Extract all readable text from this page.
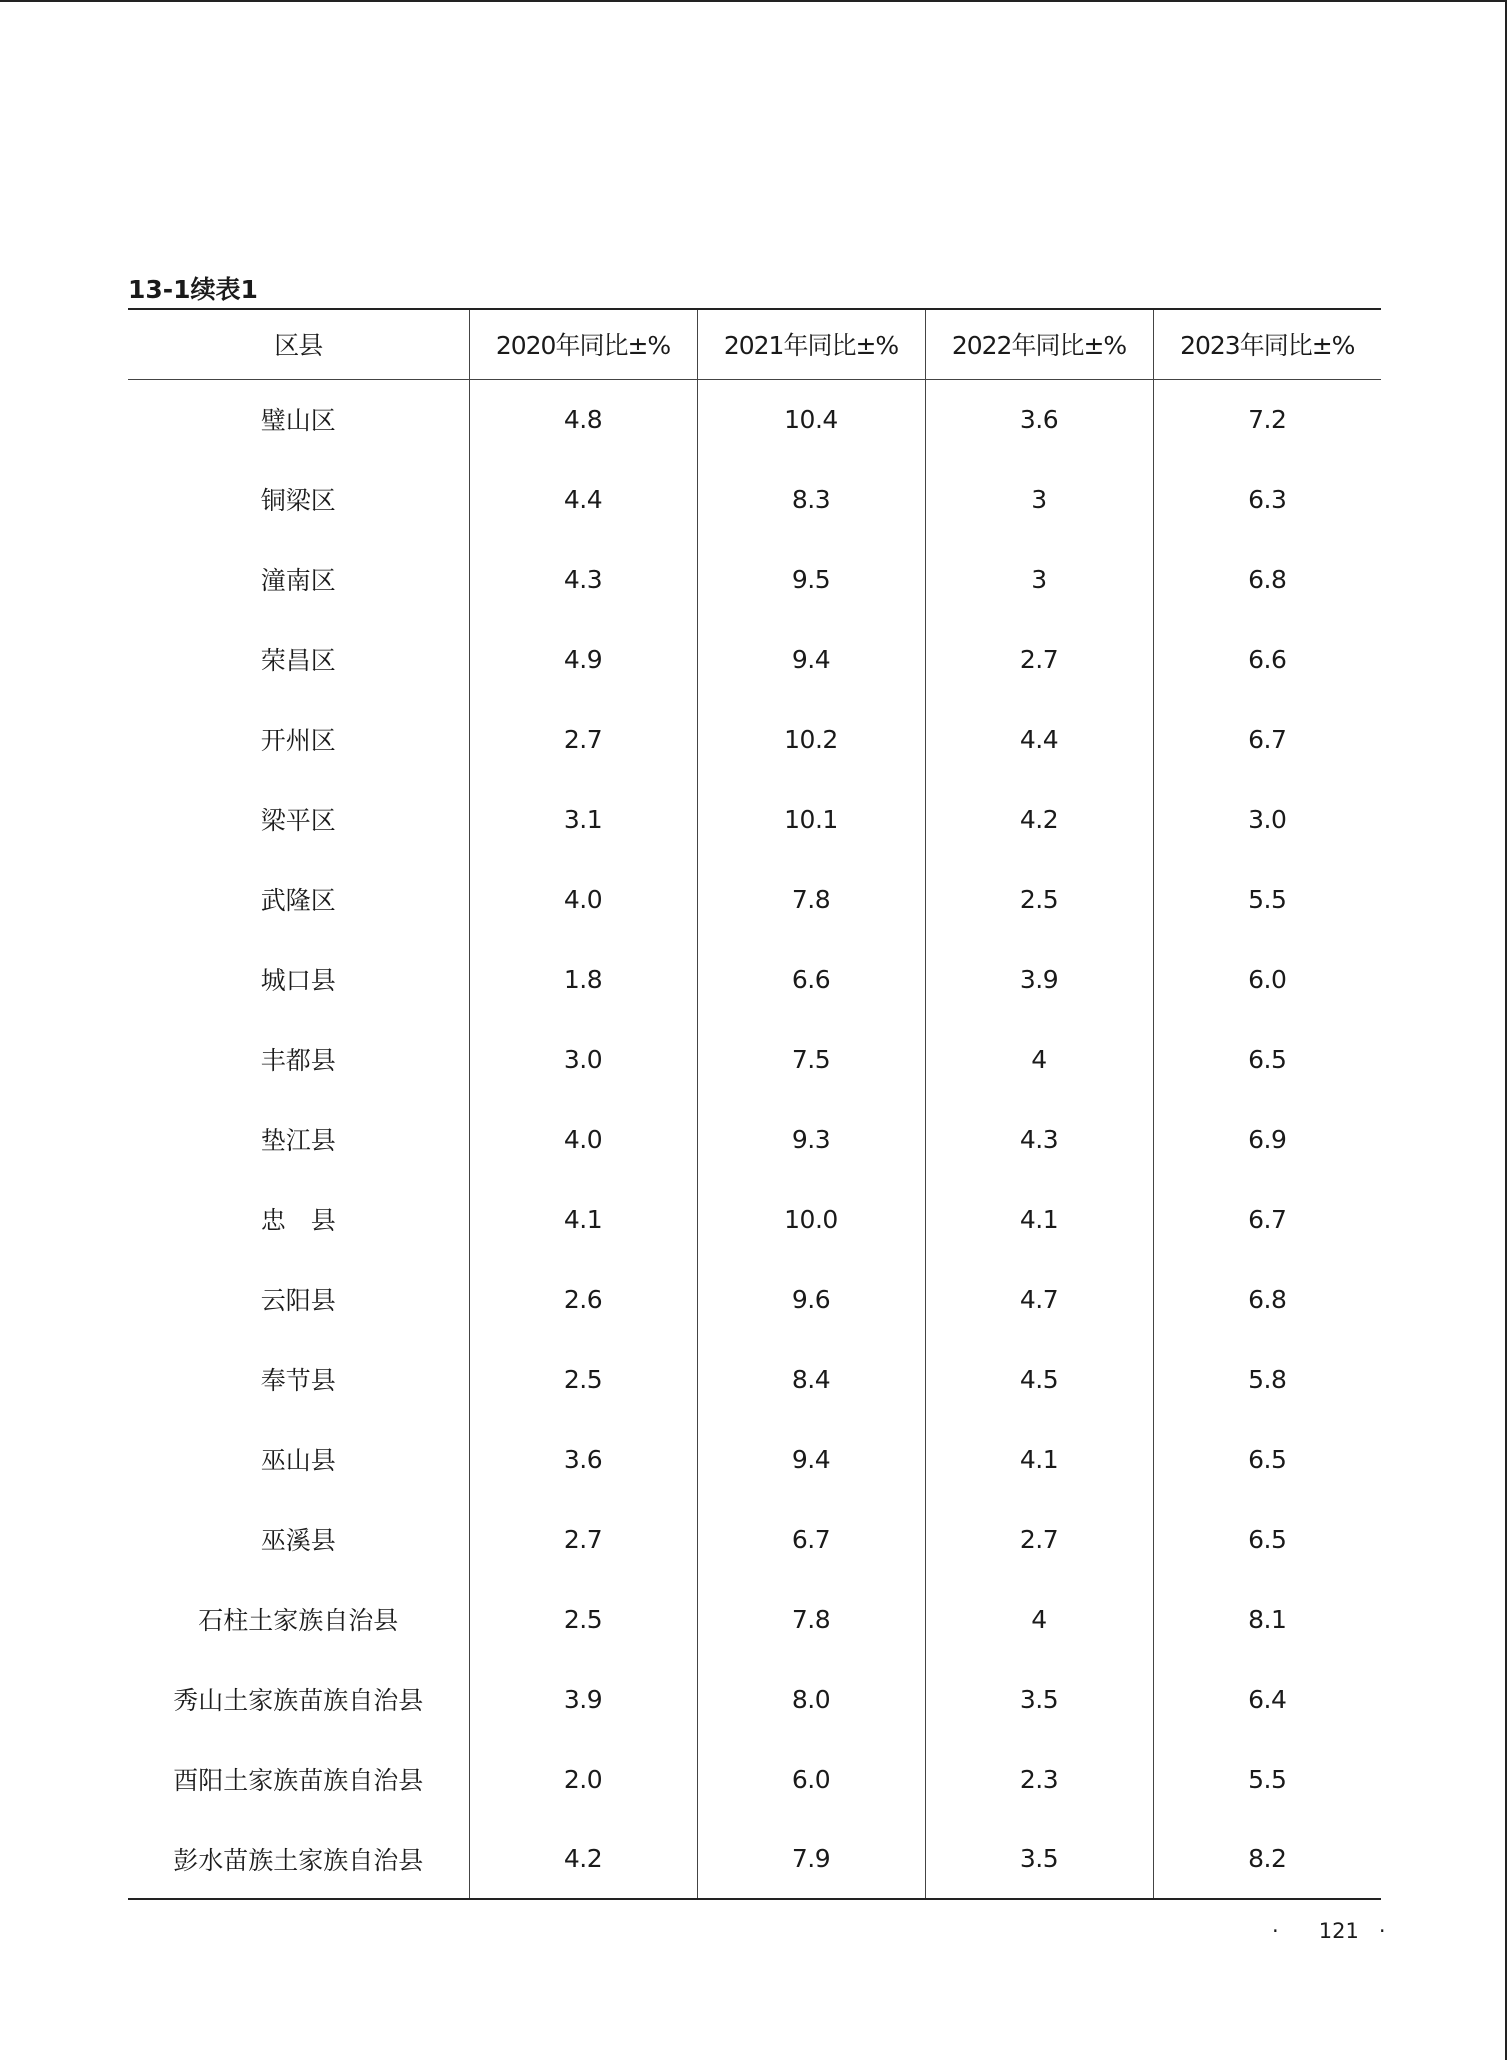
13-1续表1
区县	2020年同比±%	2021年同比±%	2022年同比±%	2023年同比±%
璧山区	4.8	10.4	3.6	7.2
铜梁区	4.4	8.3	3	6.3
潼南区	4.3	9.5	3	6.8
荣昌区	4.9	9.4	2.7	6.6
开州区	2.7	10.2	4.4	6.7
梁平区	3.1	10.1	4.2	3.0
武隆区	4.0	7.8	2.5	5.5
城口县	1.8	6.6	3.9	6.0
丰都县	3.0	7.5	4	6.5
垫江县	4.0	9.3	4.3	6.9
忠　县	4.1	10.0	4.1	6.7
云阳县	2.6	9.6	4.7	6.8
奉节县	2.5	8.4	4.5	5.8
巫山县	3.6	9.4	4.1	6.5
巫溪县	2.7	6.7	2.7	6.5
石柱土家族自治县	2.5	7.8	4	8.1
秀山土家族苗族自治县	3.9	8.0	3.5	6.4
酉阳土家族苗族自治县	2.0	6.0	2.3	5.5
彭水苗族土家族自治县	4.2	7.9	3.5	8.2
· 121 ·
